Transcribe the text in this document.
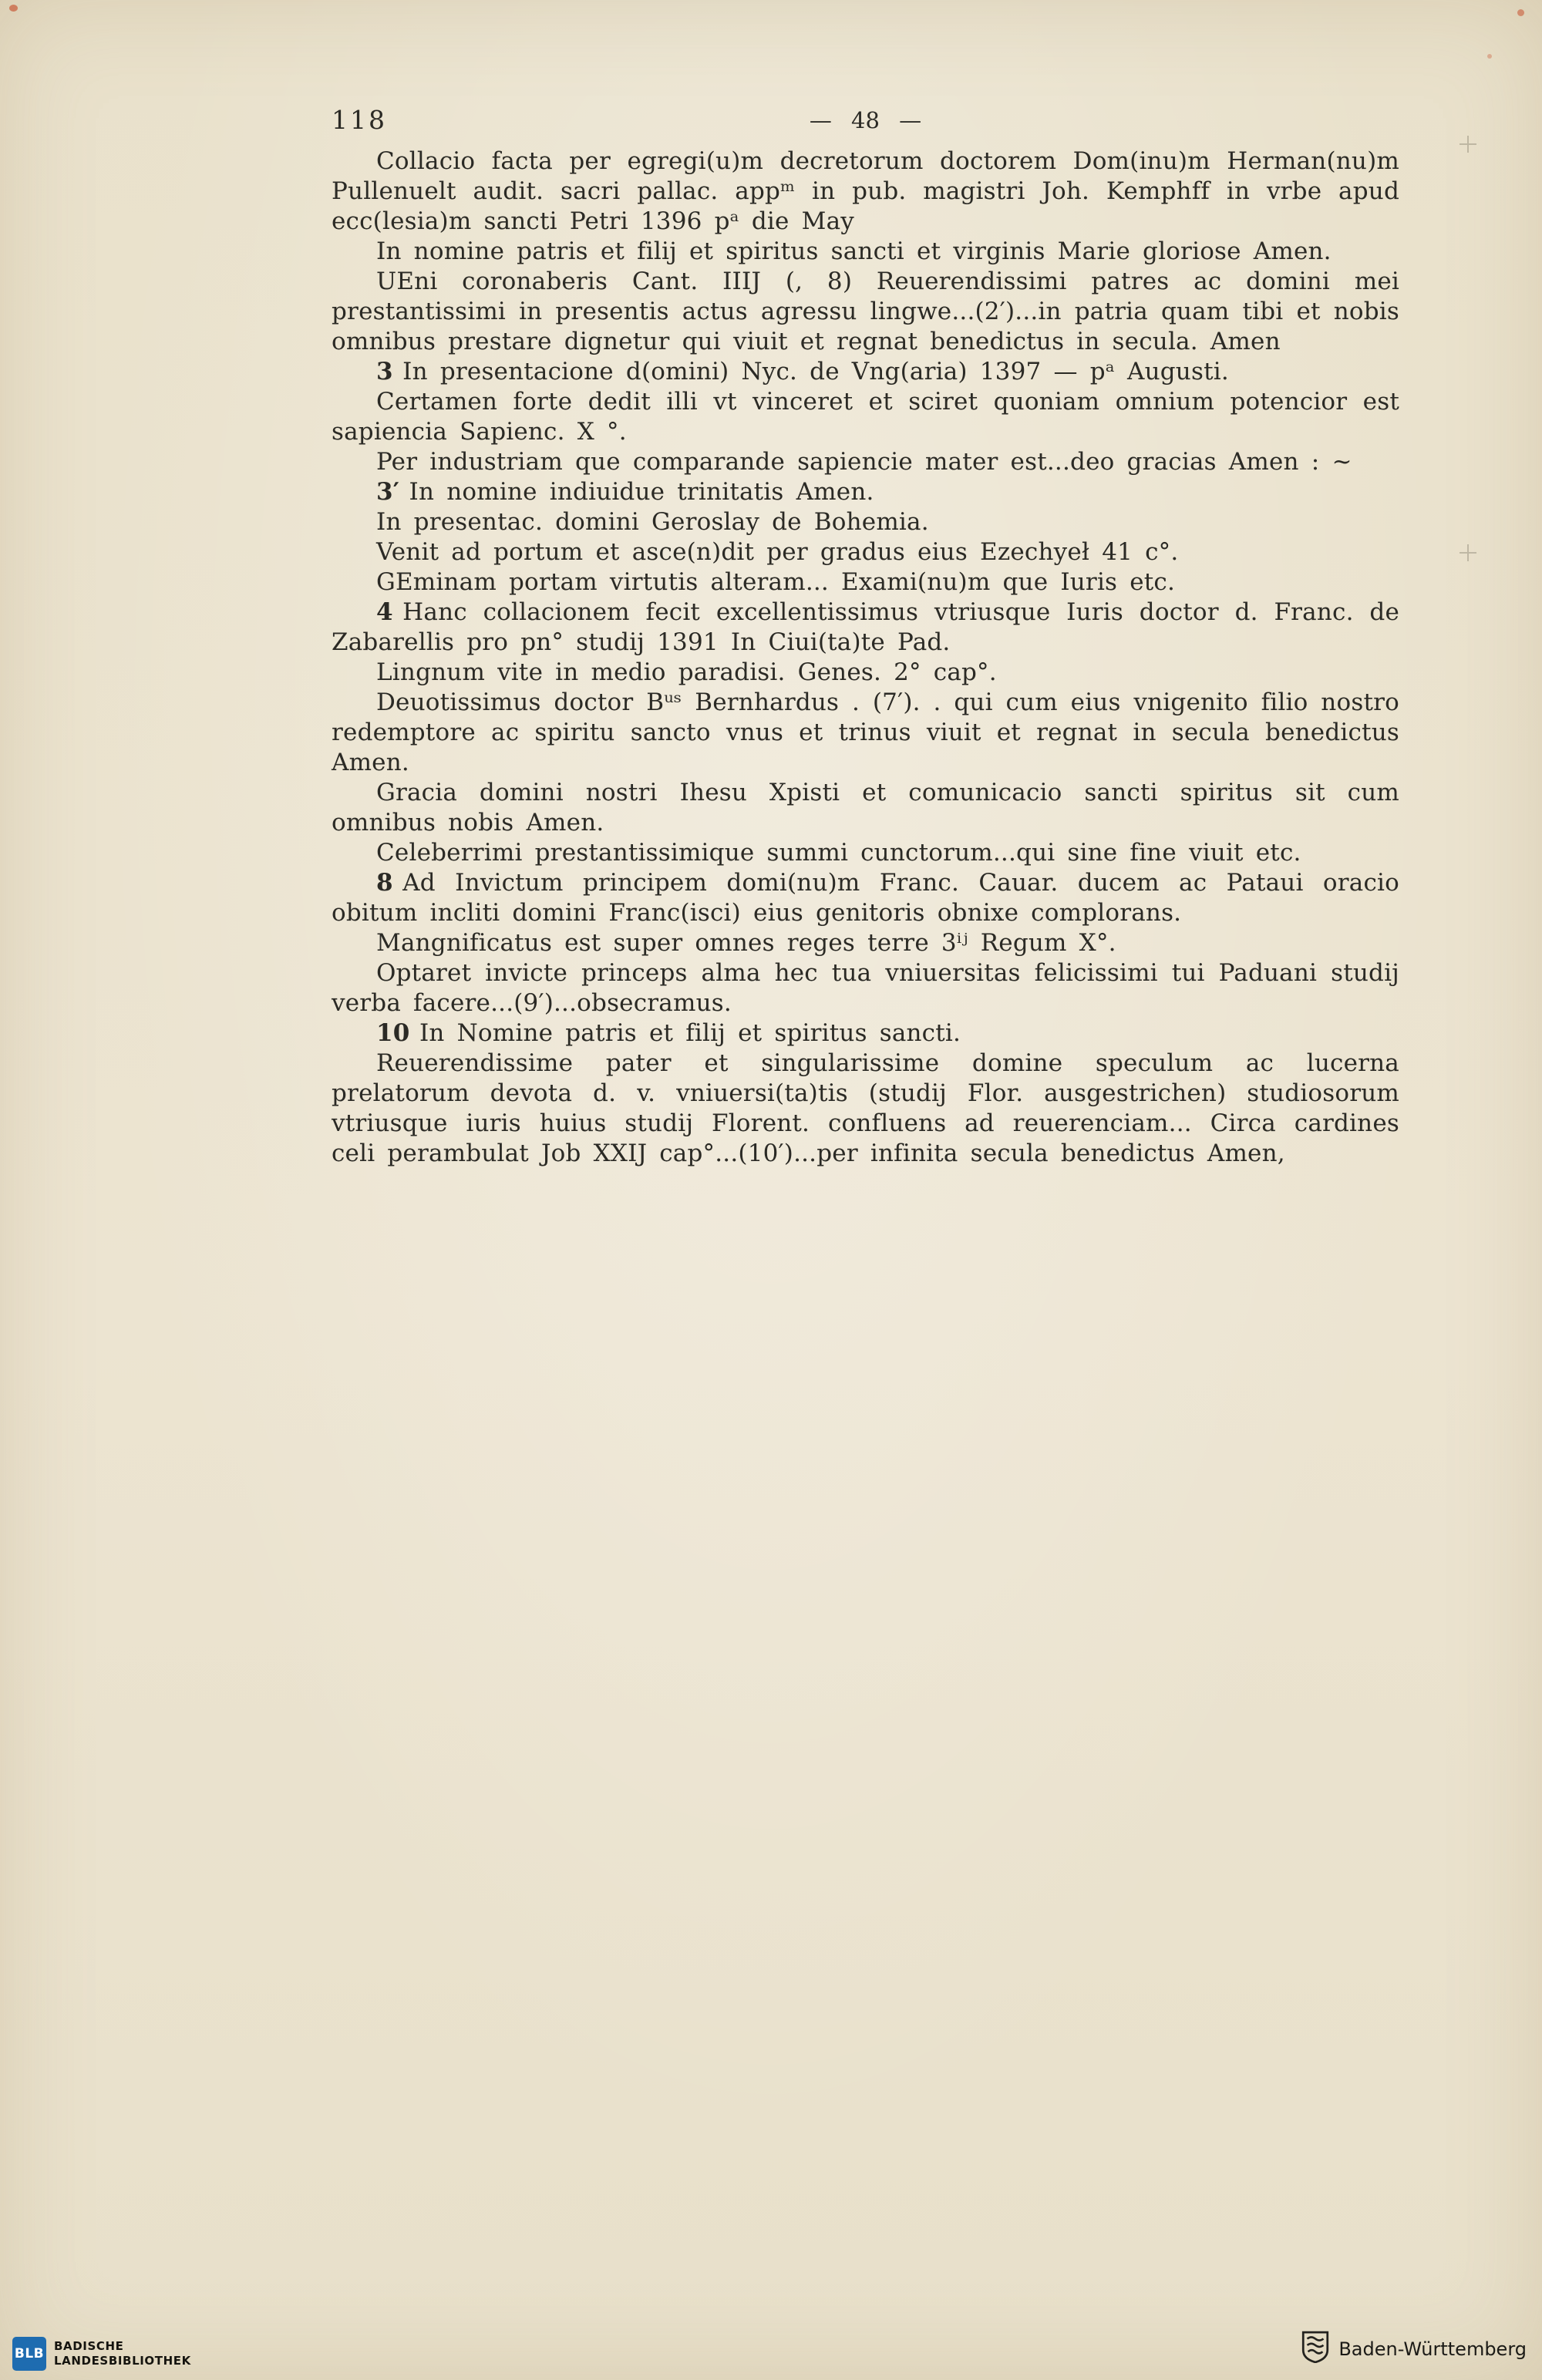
118	— 48 —

Collacio facta per egregi(u)m decretorum doctorem Dom(inu)m Herman(nu)m Pullenuelt audit. sacri pallac. appᵐ in pub. magistri Joh. Kemphff in vrbe apud ecc(lesia)m sancti Petri 1396 pᵃ die May

In nomine patris et filij et spiritus sancti et virginis Marie gloriose Amen.

UEni coronaberis Cant. IIIJ (, 8) Reuerendissimi patres ac domini mei prestantissimi in presentis actus agressu lingwe...(2′)...in patria quam tibi et nobis omnibus prestare dignetur qui viuit et regnat benedictus in secula. Amen

3 In presentacione d(omini) Nyc. de Vng(aria) 1397 — pᵃ Augusti.

Certamen forte dedit illi vt vinceret et sciret quoniam omnium potencior est sapiencia Sapienc. X °.

Per industriam que comparande sapiencie mater est...deo gracias Amen : ~

3′ In nomine indiuidue trinitatis Amen.

In presentac. domini Geroslay de Bohemia.

Venit ad portum et asce(n)dit per gradus eius Ezechyeł 41 c°.

GEminam portam virtutis alteram... Exami(nu)m que Iuris etc.

4 Hanc collacionem fecit excellentissimus vtriusque Iuris doctor d. Franc. de Zabarellis pro pn° studij 1391 In Ciui(ta)te Pad.

Lingnum vite in medio paradisi. Genes. 2° cap°.

Deuotissimus doctor Bᵘˢ Bernhardus . (7′). . qui cum eius vnigenito filio nostro redemptore ac spiritu sancto vnus et trinus viuit et regnat in secula benedictus Amen.

Gracia domini nostri Ihesu Xpisti et comunicacio sancti spiritus sit cum omnibus nobis Amen.

Celeberrimi prestantissimique summi cunctorum...qui sine fine viuit etc.

8 Ad Invictum principem domi(nu)m Franc. Cauar. ducem ac Pataui oracio obitum incliti domini Franc(isci) eius genitoris obnixe complorans.

Mangnificatus est super omnes reges terre 3ⁱʲ Regum X°.

Optaret invicte princeps alma hec tua vniuersitas felicissimi tui Paduani studij verba facere...(9′)...obsecramus.

10 In Nomine patris et filij et spiritus sancti.

Reuerendissime pater et singularissime domine speculum ac lucerna prelatorum devota d. v. vniuersi(ta)tis (studij Flor. ausgestrichen) studiosorum vtriusque iuris huius studij Florent. confluens ad reuerenciam... Circa cardines celi perambulat Job XXIJ cap°...(10′)...per infinita secula benedictus Amen,

BLB BADISCHE
LANDESBIBLIOTHEK
Baden-Württemberg
